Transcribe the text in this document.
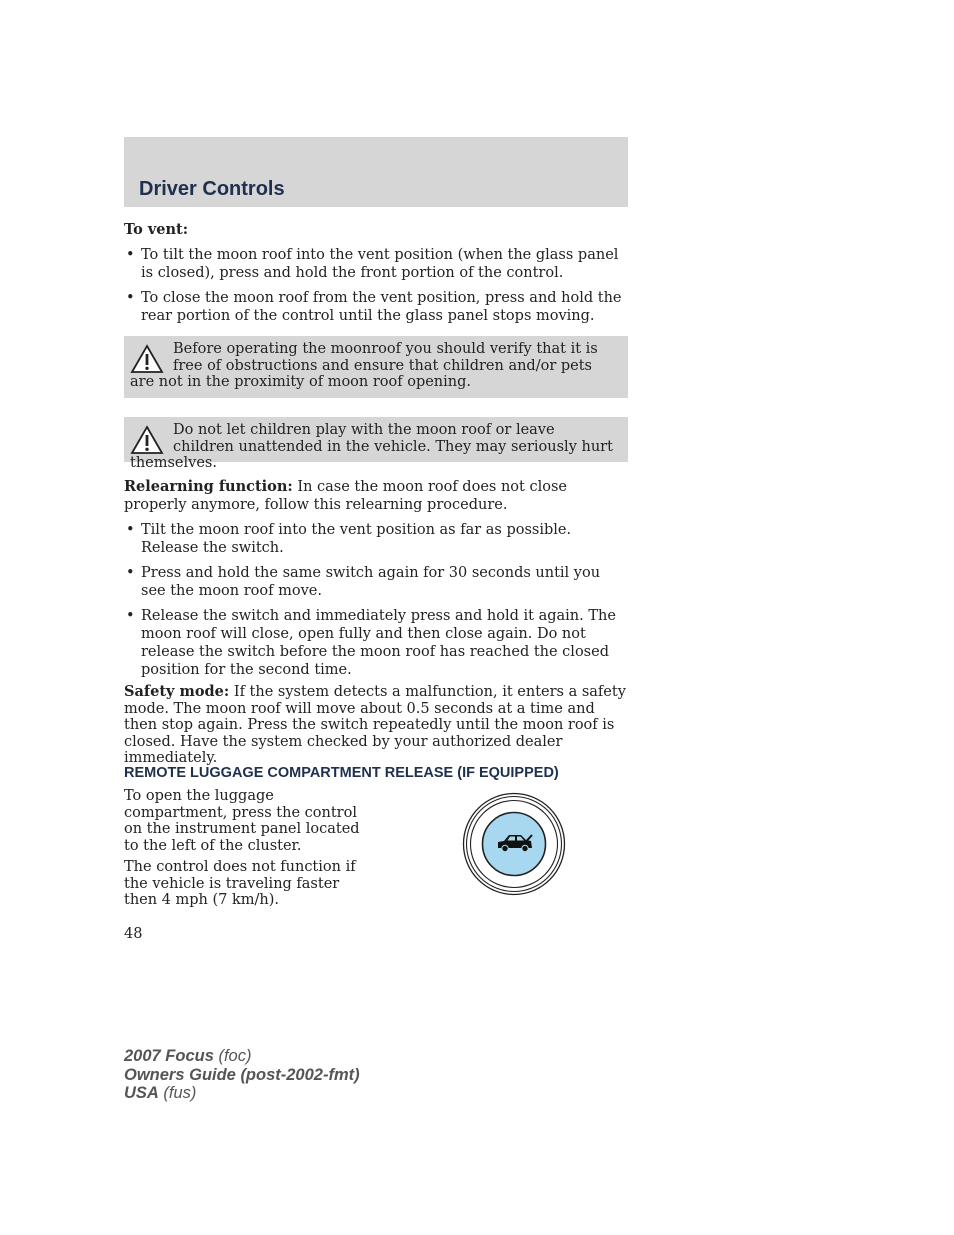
Driver Controls
To vent:
• To tilt the moon roof into the vent position (when the glass panel is closed), press and hold the front portion of the control.
• To close the moon roof from the vent position, press and hold the rear portion of the control until the glass panel stops moving.
Before operating the moonroof you should verify that it is free of obstructions and ensure that children and/or pets are not in the proximity of moon roof opening.
Do not let children play with the moon roof or leave children unattended in the vehicle. They may seriously hurt themselves.
Relearning function: In case the moon roof does not close properly anymore, follow this relearning procedure.
• Tilt the moon roof into the vent position as far as possible. Release the switch.
• Press and hold the same switch again for 30 seconds until you see the moon roof move.
• Release the switch and immediately press and hold it again. The moon roof will close, open fully and then close again. Do not release the switch before the moon roof has reached the closed position for the second time.
Safety mode: If the system detects a malfunction, it enters a safety mode. The moon roof will move about 0.5 seconds at a time and then stop again. Press the switch repeatedly until the moon roof is closed. Have the system checked by your authorized dealer immediately.
REMOTE LUGGAGE COMPARTMENT RELEASE (IF EQUIPPED)
To open the luggage compartment, press the control on the instrument panel located to the left of the cluster.
The control does not function if the vehicle is traveling faster then 4 mph (7 km/h).
48
2007 Focus (foc)
Owners Guide (post-2002-fmt)
USA (fus)
